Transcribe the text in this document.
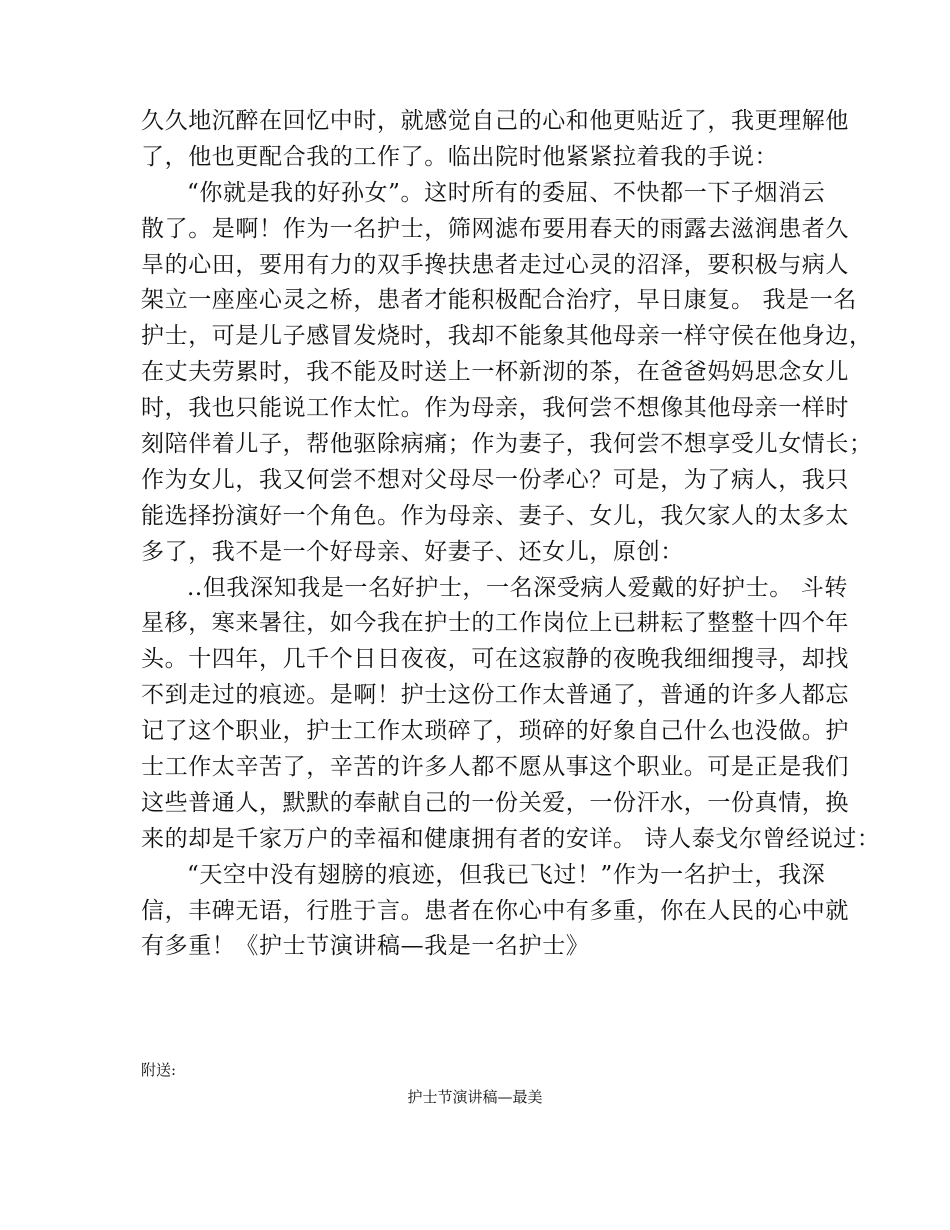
久久地沉醉在回忆中时，就感觉自己的心和他更贴近了，我更理解他
了，他也更配合我的工作了。临出院时他紧紧拉着我的手说：
“你就是我的好孙女”。这时所有的委屈、不快都一下子烟消云
散了。是啊！作为一名护士，筛网滤布要用春天的雨露去滋润患者久
旱的心田，要用有力的双手搀扶患者走过心灵的沼泽，要积极与病人
架立一座座心灵之桥，患者才能积极配合治疗，早日康复。 我是一名
护士，可是儿子感冒发烧时，我却不能象其他母亲一样守侯在他身边，
在丈夫劳累时，我不能及时送上一杯新沏的茶，在爸爸妈妈思念女儿
时，我也只能说工作太忙。作为母亲，我何尝不想像其他母亲一样时
刻陪伴着儿子，帮他驱除病痛；作为妻子，我何尝不想享受儿女情长；
作为女儿，我又何尝不想对父母尽一份孝心？可是，为了病人，我只
能选择扮演好一个角色。作为母亲、妻子、女儿，我欠家人的太多太
多了，我不是一个好母亲、好妻子、还女儿，原创：
..但我深知我是一名好护士，一名深受病人爱戴的好护士。 斗转
星移，寒来暑往，如今我在护士的工作岗位上已耕耘了整整十四个年
头。十四年，几千个日日夜夜，可在这寂静的夜晚我细细搜寻，却找
不到走过的痕迹。是啊！护士这份工作太普通了，普通的许多人都忘
记了这个职业，护士工作太琐碎了，琐碎的好象自己什么也没做。护
士工作太辛苦了，辛苦的许多人都不愿从事这个职业。可是正是我们
这些普通人，默默的奉献自己的一份关爱，一份汗水，一份真情，换
来的却是千家万户的幸福和健康拥有者的安详。 诗人泰戈尔曾经说过：
“天空中没有翅膀的痕迹，但我已飞过！”作为一名护士，我深
信，丰碑无语，行胜于言。患者在你心中有多重，你在人民的心中就
有多重！《护士节演讲稿—我是一名护士》
附送:
护士节演讲稿—最美
